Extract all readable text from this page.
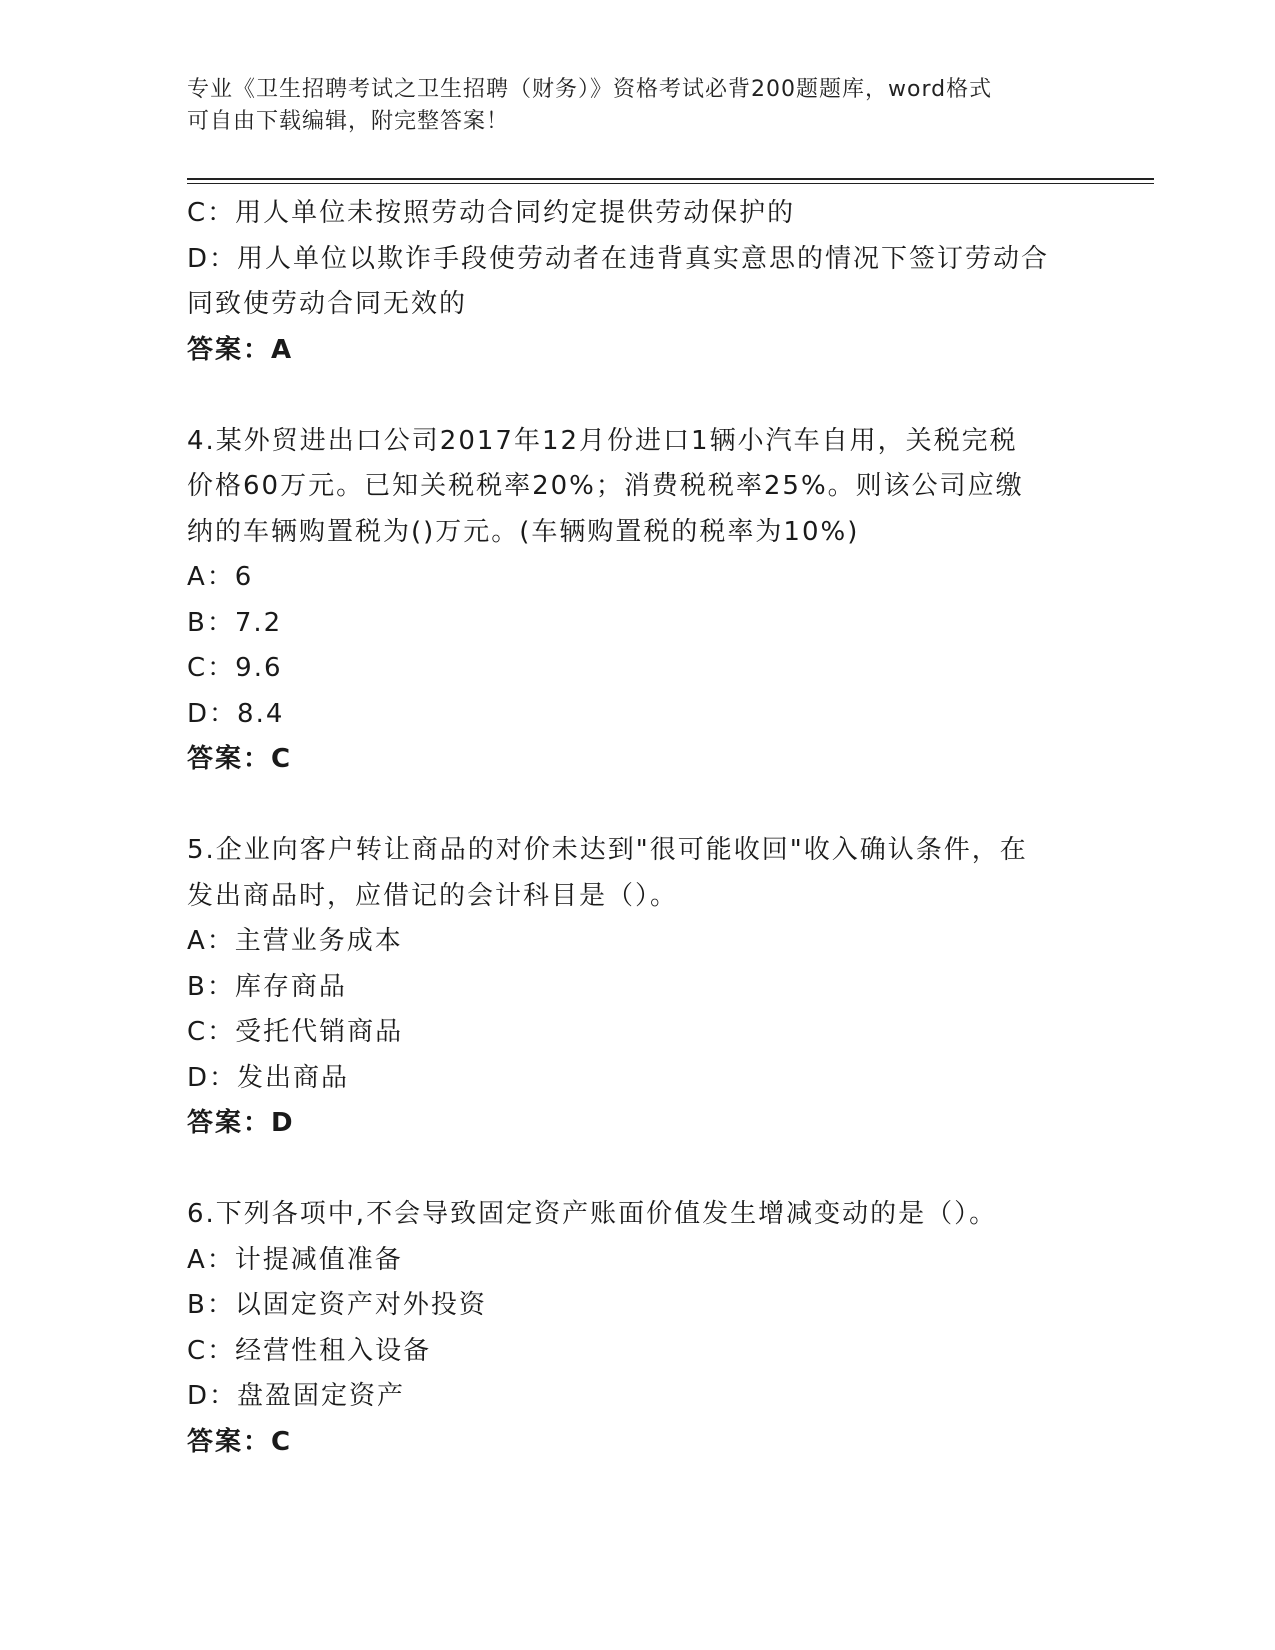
专业《卫生招聘考试之卫生招聘（财务）》资格考试必背200题题库，word格式
可自由下载编辑，附完整答案！
C：用人单位未按照劳动合同约定提供劳动保护的
D：用人单位以欺诈手段使劳动者在违背真实意思的情况下签订劳动合
同致使劳动合同无效的
答案：A
4.某外贸进出口公司2017年12月份进口1辆小汽车自用，关税完税
价格60万元。已知关税税率20%；消费税税率25%。则该公司应缴
纳的车辆购置税为()万元。(车辆购置税的税率为10%)
A：6
B：7.2
C：9.6
D：8.4
答案：C
5.企业向客户转让商品的对价未达到"很可能收回"收入确认条件，在
发出商品时，应借记的会计科目是（）。
A：主营业务成本
B：库存商品
C：受托代销商品
D：发出商品
答案：D
6.下列各项中,不会导致固定资产账面价值发生增减变动的是（）。
A：计提减值准备
B：以固定资产对外投资
C：经营性租入设备
D：盘盈固定资产
答案：C
